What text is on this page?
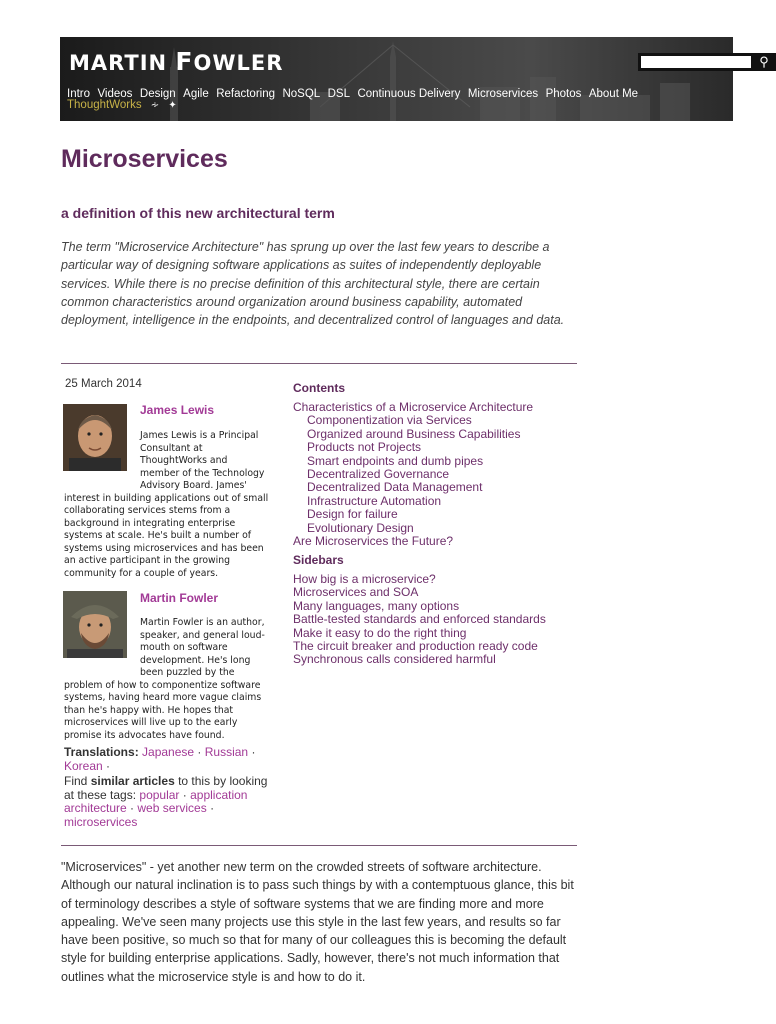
MARTIN FOWLER	⚲
Intro Videos Design Agile Refactoring NoSQL DSL Continuous Delivery Microservices Photos About Me
ThoughtWorks ∻ ✦
Microservices
a definition of this new architectural term

The term "Microservice Architecture" has sprung up over the last few years to describe a particular way of designing software applications as suites of independently deployable services. While there is no precise definition of this architectural style, there are certain common characteristics around organization around business capability, automated deployment, intelligence in the endpoints, and decentralized control of languages and data.

25 March 2014
James Lewis
James Lewis is a Principal
Consultant at
ThoughtWorks and
member of the Technology
Advisory Board. James'
interest in building applications out of small
collaborating services stems from a
background in integrating enterprise
systems at scale. He's built a number of
systems using microservices and has been
an active participant in the growing
community for a couple of years.
Martin Fowler
Martin Fowler is an author,
speaker, and general loud-
mouth on software
development. He's long
been puzzled by the
problem of how to componentize software
systems, having heard more vague claims
than he's happy with. He hopes that
microservices will live up to the early
promise its advocates have found.
Translations: Japanese · Russian · Korean ·
Find similar articles to this by looking at these tags: popular · application architecture · web services · microservices
Contents
Characteristics of a Microservice Architecture
Componentization via Services
Organized around Business Capabilities
Products not Projects
Smart endpoints and dumb pipes
Decentralized Governance
Decentralized Data Management
Infrastructure Automation
Design for failure
Evolutionary Design
Are Microservices the Future?
Sidebars
How big is a microservice?
Microservices and SOA
Many languages, many options
Battle-tested standards and enforced standards
Make it easy to do the right thing
The circuit breaker and production ready code
Synchronous calls considered harmful

"Microservices" - yet another new term on the crowded streets of software architecture. Although our natural inclination is to pass such things by with a contemptuous glance, this bit of terminology describes a style of software systems that we are finding more and more appealing. We've seen many projects use this style in the last few years, and results so far have been positive, so much so that for many of our colleagues this is becoming the default style for building enterprise applications. Sadly, however, there's not much information that outlines what the microservice style is and how to do it.
